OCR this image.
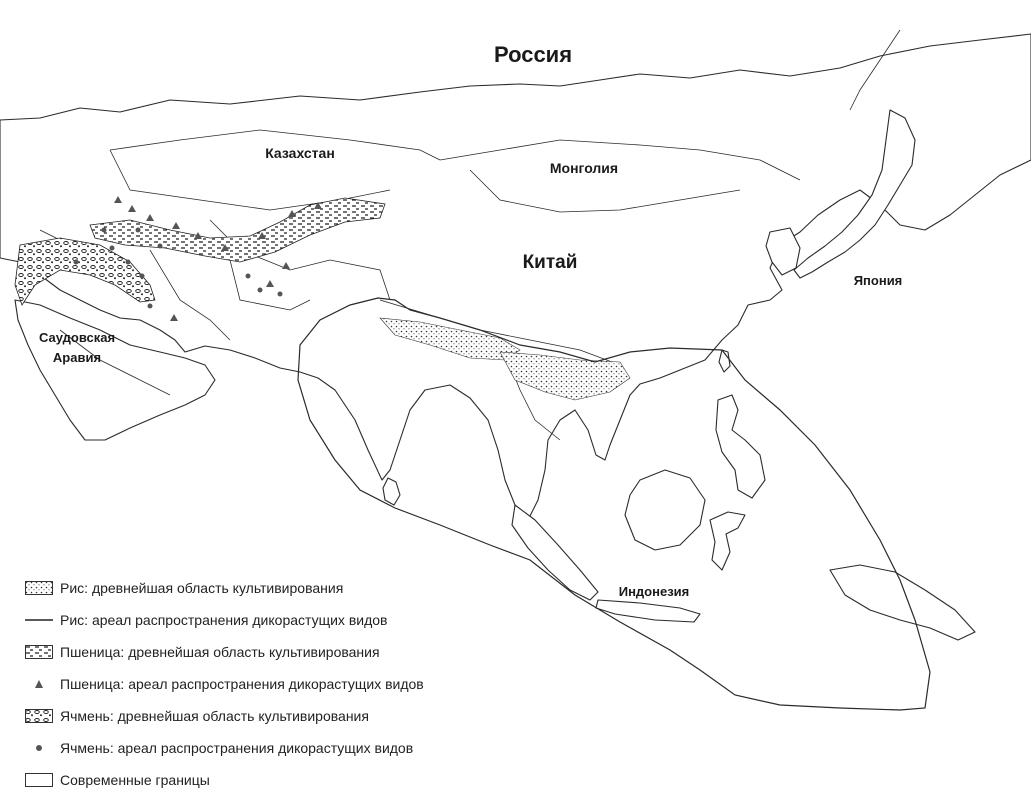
Россия
Казахстан
Монголия
Китай
Япония
Саудовская
Аравия
Индонезия
Рис: древнейшая область культивирования
Рис: ареал распространения дикорастущих видов
Пшеница: древнейшая область культивирования
Пшеница: ареал распространения дикорастущих видов
Ячмень: древнейшая область культивирования
Ячмень: ареал распространения дикорастущих видов
Современные границы
